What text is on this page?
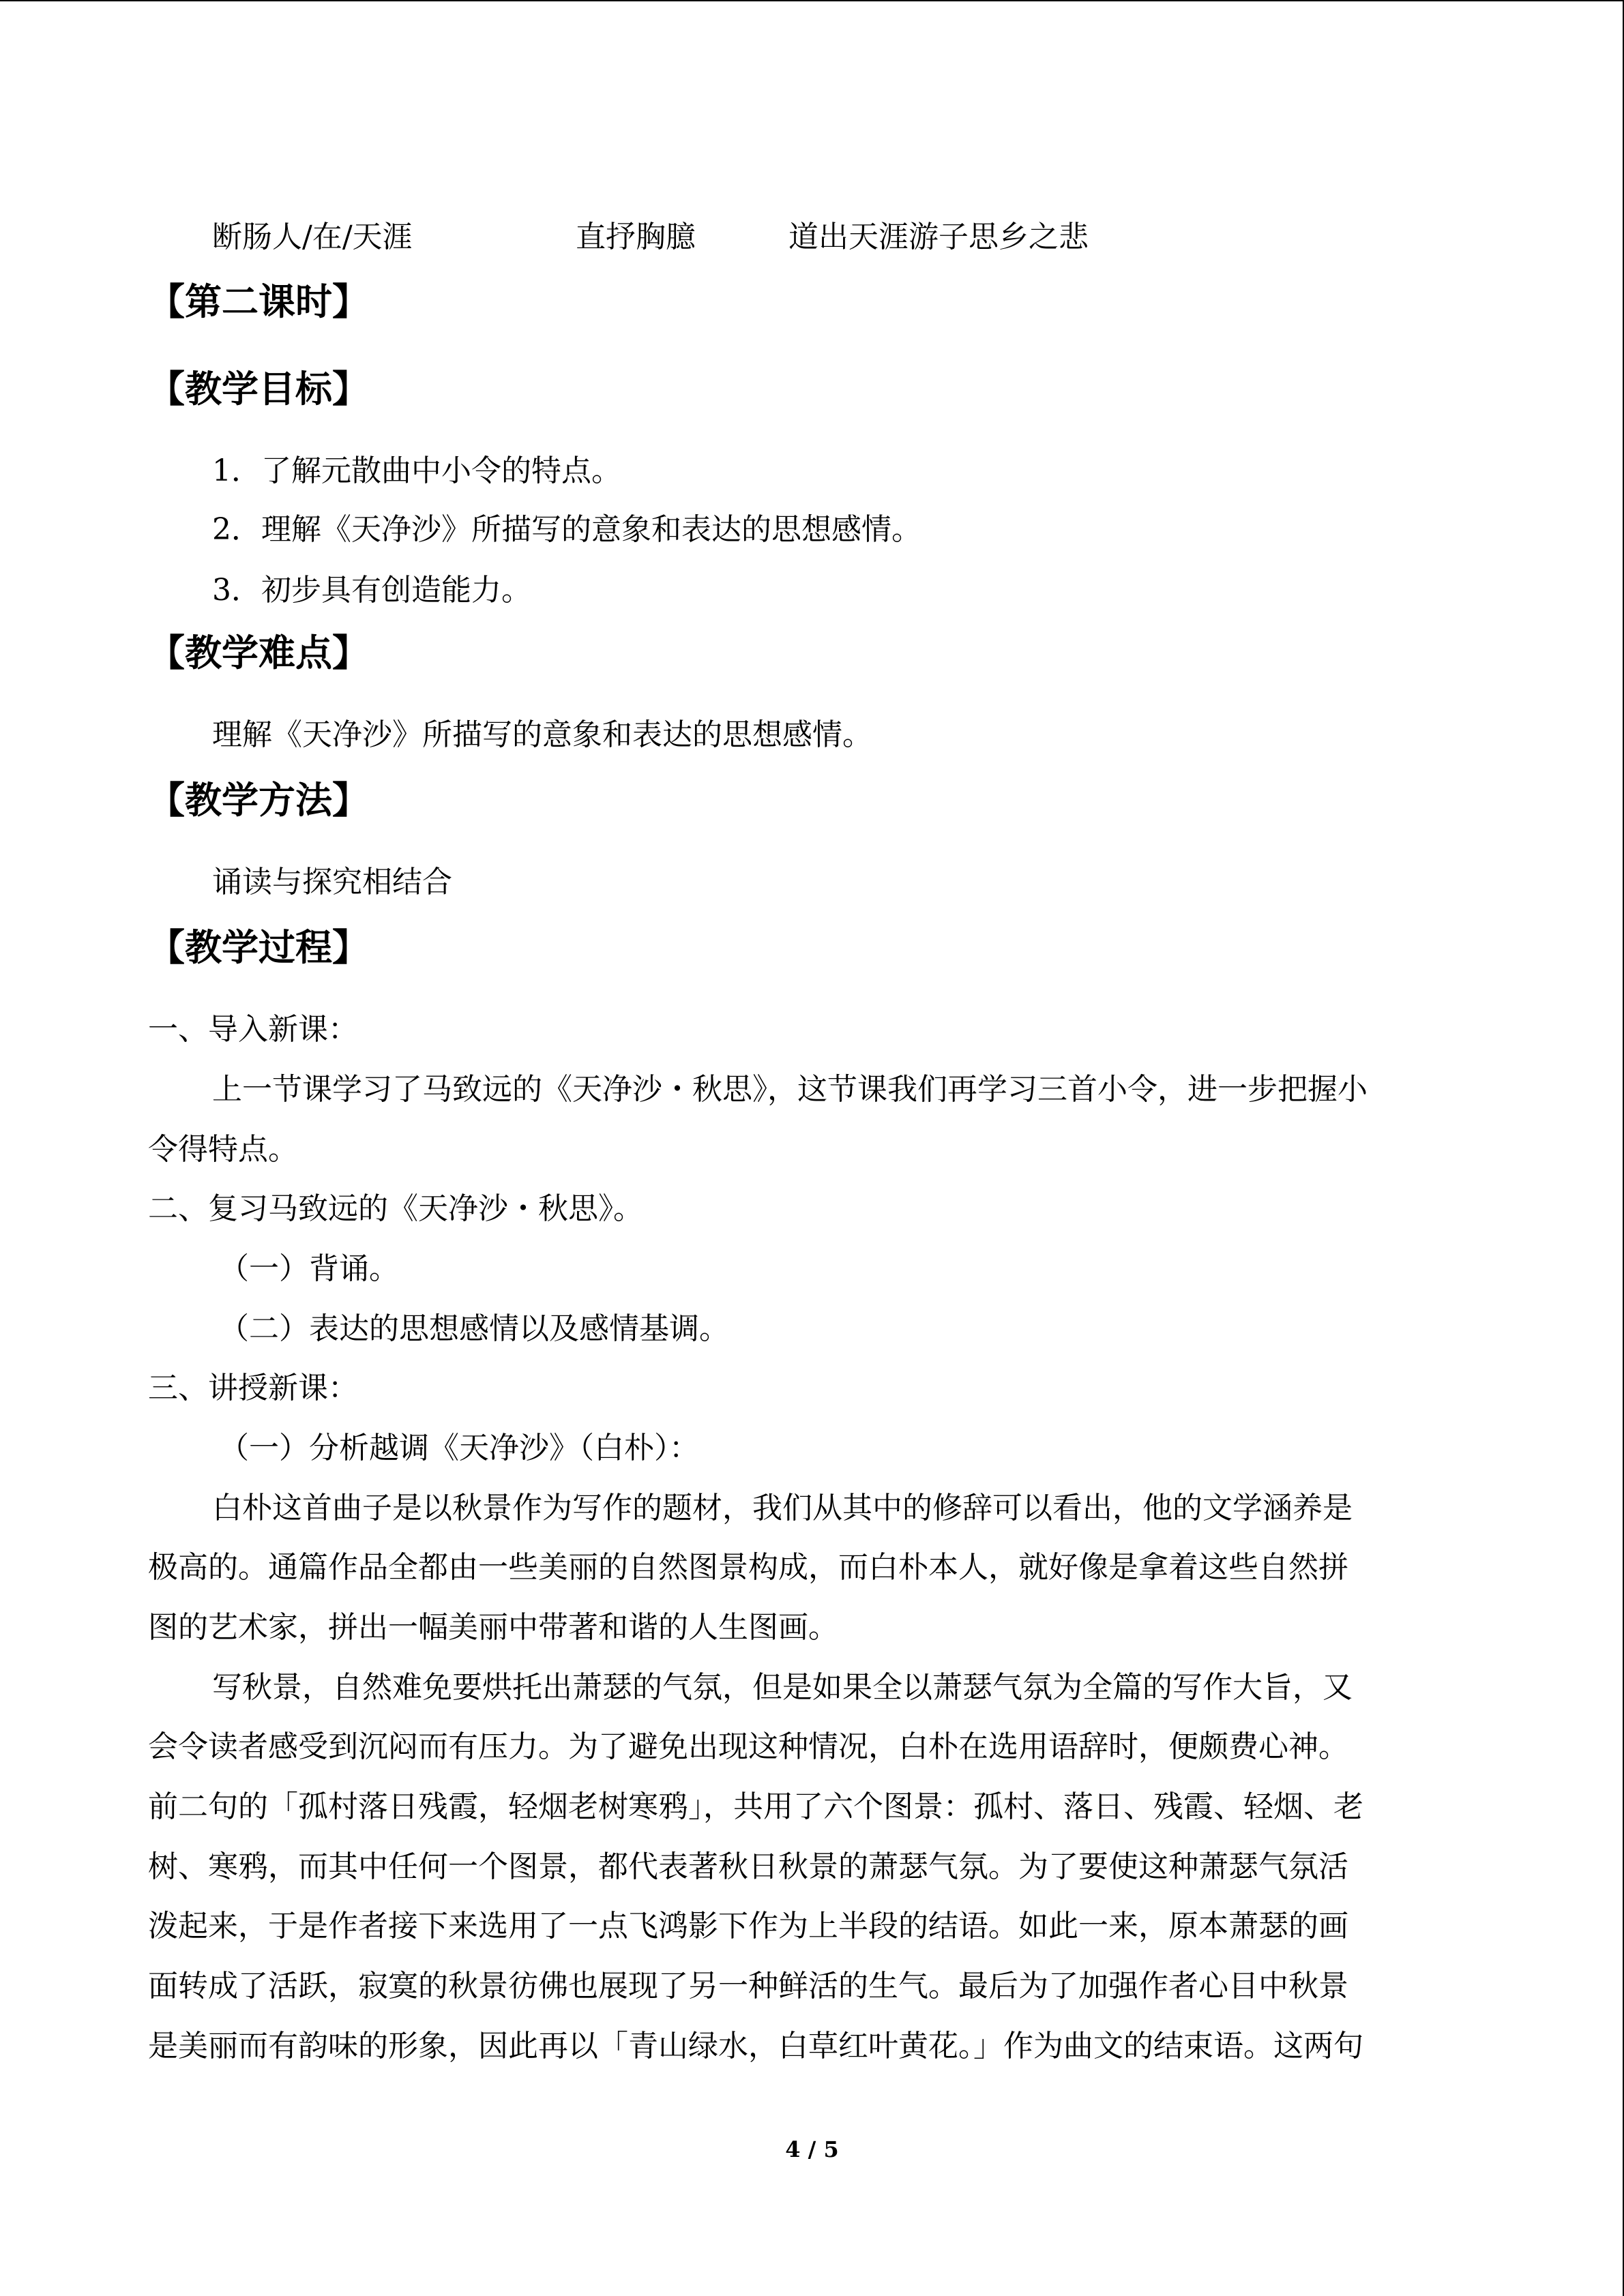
断肠人/在/天涯	直抒胸臆	道出天涯游子思乡之悲
【第二课时】
【教学目标】
1．了解元散曲中小令的特点。
2．理解《天净沙》所描写的意象和表达的思想感情。
3．初步具有创造能力。
【教学难点】
理解《天净沙》所描写的意象和表达的思想感情。
【教学方法】
诵读与探究相结合
【教学过程】
一、导入新课：
上一节课学习了马致远的《天净沙・秋思》，这节课我们再学习三首小令，进一步把握小
令得特点。
二、复习马致远的《天净沙・秋思》。
（一）背诵。
（二）表达的思想感情以及感情基调。
三、讲授新课：
（一）分析越调《天净沙》（白朴）：
白朴这首曲子是以秋景作为写作的题材，我们从其中的修辞可以看出，他的文学涵养是
极高的。通篇作品全都由一些美丽的自然图景构成，而白朴本人，就好像是拿着这些自然拼
图的艺术家，拼出一幅美丽中带著和谐的人生图画。
写秋景，自然难免要烘托出萧瑟的气氛，但是如果全以萧瑟气氛为全篇的写作大旨，又
会令读者感受到沉闷而有压力。为了避免出现这种情况，白朴在选用语辞时，便颇费心神。
前二句的「孤村落日残霞，轻烟老树寒鸦」，共用了六个图景：孤村、落日、残霞、轻烟、老
树、寒鸦，而其中任何一个图景，都代表著秋日秋景的萧瑟气氛。为了要使这种萧瑟气氛活
泼起来，于是作者接下来选用了一点飞鸿影下作为上半段的结语。如此一来，原本萧瑟的画
面转成了活跃，寂寞的秋景彷佛也展现了另一种鲜活的生气。最后为了加强作者心目中秋景
是美丽而有韵味的形象，因此再以「青山绿水，白草红叶黄花。」作为曲文的结束语。这两句
4 / 5
